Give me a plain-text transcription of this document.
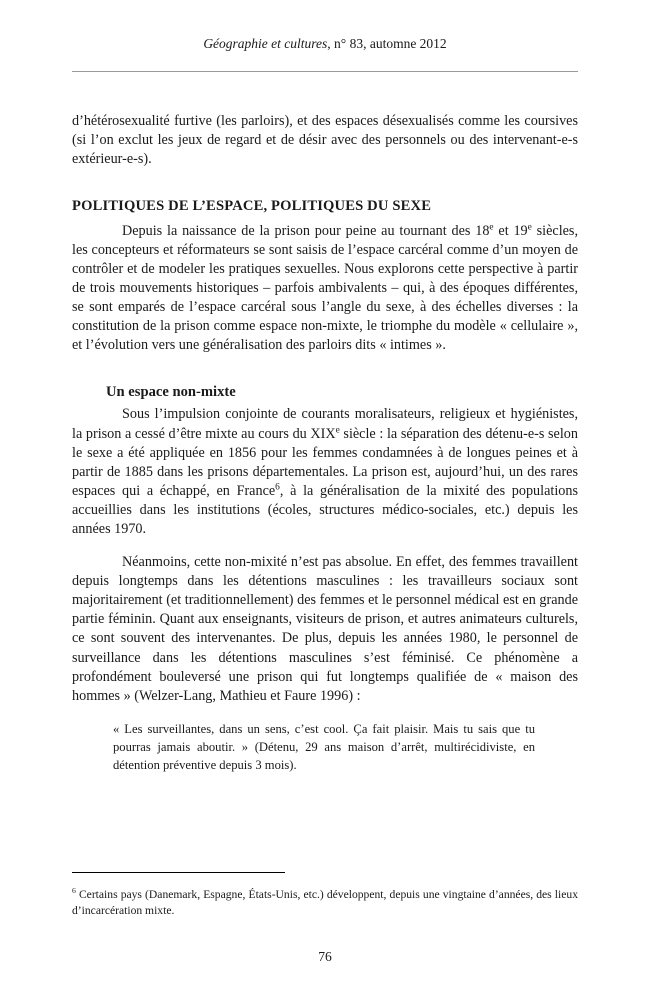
Géographie et cultures, n° 83, automne 2012

d’hétérosexualité furtive (les parloirs), et des espaces désexualisés comme les coursives (si l’on exclut les jeux de regard et de désir avec des personnels ou des intervenant-e-s extérieur-e-s).

POLITIQUES DE L’ESPACE, POLITIQUES DU SEXE

Depuis la naissance de la prison pour peine au tournant des 18e et 19e siècles, les concepteurs et réformateurs se sont saisis de l’espace carcéral comme d’un moyen de contrôler et de modeler les pratiques sexuelles. Nous explorons cette perspective à partir de trois mouvements historiques – parfois ambivalents – qui, à des époques différentes, se sont emparés de l’espace carcéral sous l’angle du sexe, à des échelles diverses : la constitution de la prison comme espace non-mixte, le triomphe du modèle « cellulaire », et l’évolution vers une généralisation des parloirs dits « intimes ».

Un espace non-mixte

Sous l’impulsion conjointe de courants moralisateurs, religieux et hygiénistes, la prison a cessé d’être mixte au cours du XIXe siècle : la séparation des détenu-e-s selon le sexe a été appliquée en 1856 pour les femmes condamnées à de longues peines et à partir de 1885 dans les prisons départementales. La prison est, aujourd’hui, un des rares espaces qui a échappé, en France$^6$, à la généralisation de la mixité des populations accueillies dans les institutions (écoles, structures médico-sociales, etc.) depuis les années 1970.

Néanmoins, cette non-mixité n’est pas absolue. En effet, des femmes travaillent depuis longtemps dans les détentions masculines : les travailleurs sociaux sont majoritairement (et traditionnellement) des femmes et le personnel médical est en grande partie féminin. Quant aux enseignants, visiteurs de prison, et autres animateurs culturels, ce sont souvent des intervenantes. De plus, depuis les années 1980, le personnel de surveillance dans les détentions masculines s’est féminisé. Ce phénomène a profondément bouleversé une prison qui fut longtemps qualifiée de « maison des hommes » (Welzer-Lang, Mathieu et Faure 1996) :

« Les surveillantes, dans un sens, c’est cool. Ça fait plaisir. Mais tu sais que tu pourras jamais aboutir. » (Détenu, 29 ans maison d’arrêt, multirécidiviste, en détention préventive depuis 3 mois).

$^6$ Certains pays (Danemark, Espagne, États-Unis, etc.) développent, depuis une vingtaine d’années, des lieux d’incarcération mixte.

76
